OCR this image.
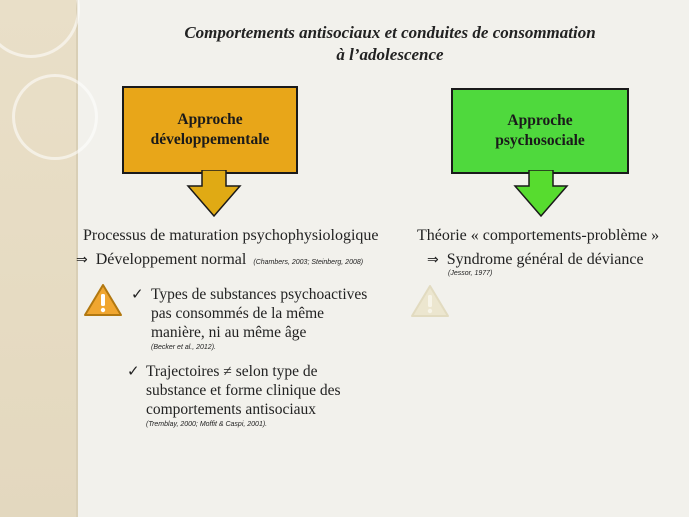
Comportements antisociaux et conduites de consommation
à l’adolescence
Approche
développementale
Approche
psychosociale
Processus de maturation psychophysiologique
⇒ Développement normal (Chambers, 2003; Steinberg, 2008)
✓ Types de substances psychoactives
pas consommés de la même
manière, ni au même âge
(Becker et al., 2012).
✓ Trajectoires ≠ selon type de
substance et forme clinique des
comportements antisociaux
(Tremblay, 2000; Moffit & Caspi, 2001).
Théorie « comportements-problème »
⇒ Syndrome général de déviance
(Jessor, 1977)
